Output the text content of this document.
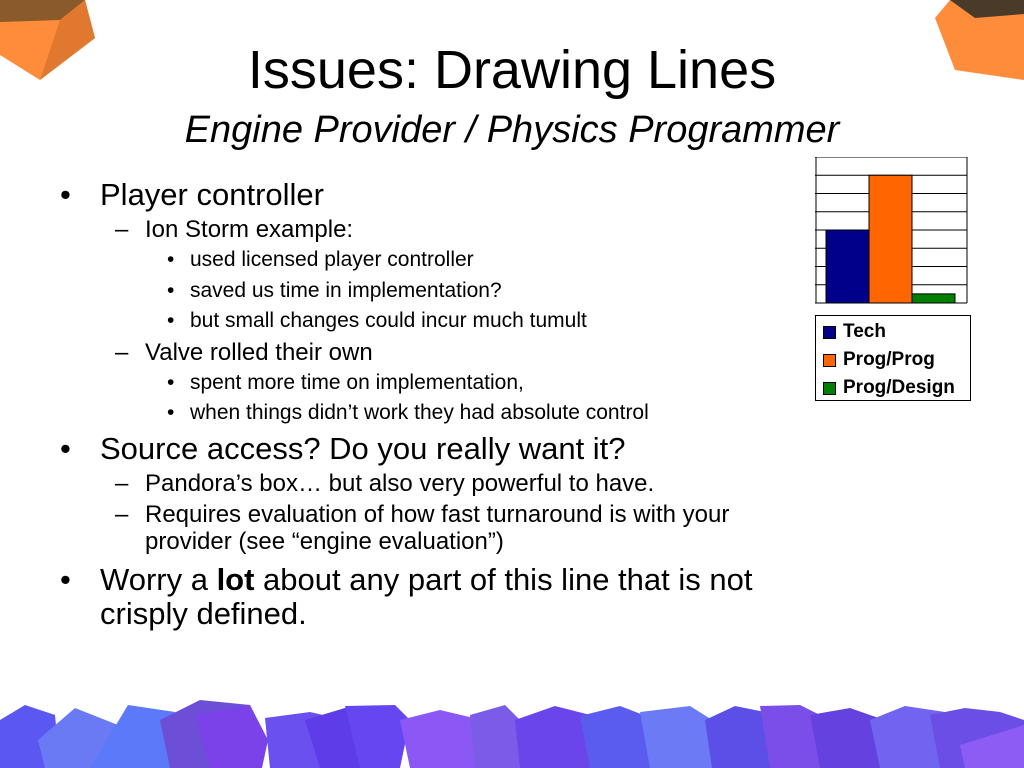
Issues: Drawing Lines
Engine Provider / Physics Programmer
• Player controller
– Ion Storm example:
• used licensed player controller
• saved us time in implementation?
• but small changes could incur much tumult
– Valve rolled their own
• spent more time on implementation,
• when things didn’t work they had absolute control
• Source access? Do you really want it?
– Pandora’s box… but also very powerful to have.
– Requires evaluation of how fast turnaround is with your provider (see “engine evaluation”)
• Worry a lot about any part of this line that is not crisply defined.
Tech
Prog/Prog
Prog/Design
